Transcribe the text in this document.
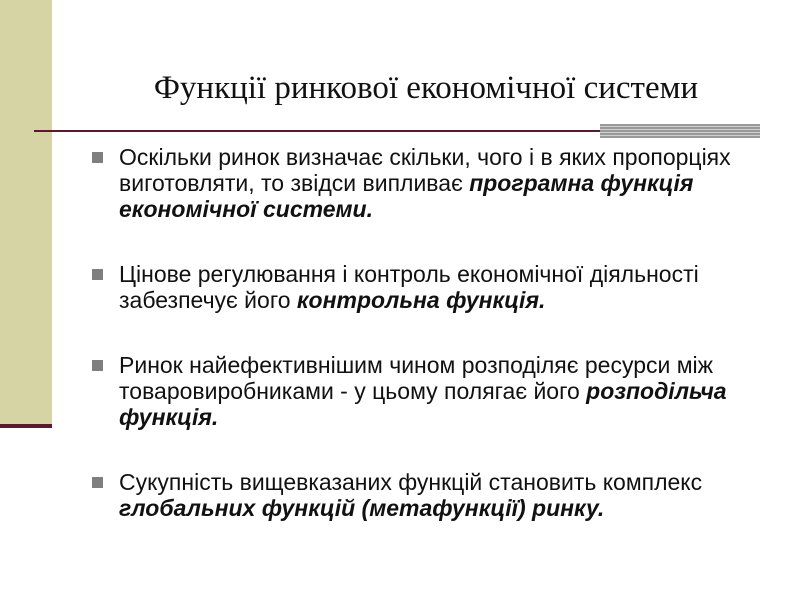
Функції ринкової економічної системи
Оскільки ринок визначає скільки, чого і в яких пропорціях виготовляти, то звідси випливає програмна функція економічної системи.
Цінове регулювання і контроль економічної діяльності забезпечує його контрольна функція.
Ринок найефективнішим чином розподіляє ресурси між товаровиробниками - у цьому полягає його розподільча функція.
Сукупність вищевказаних функцій становить комплекс глобальних функцій (метафункції) ринку.
